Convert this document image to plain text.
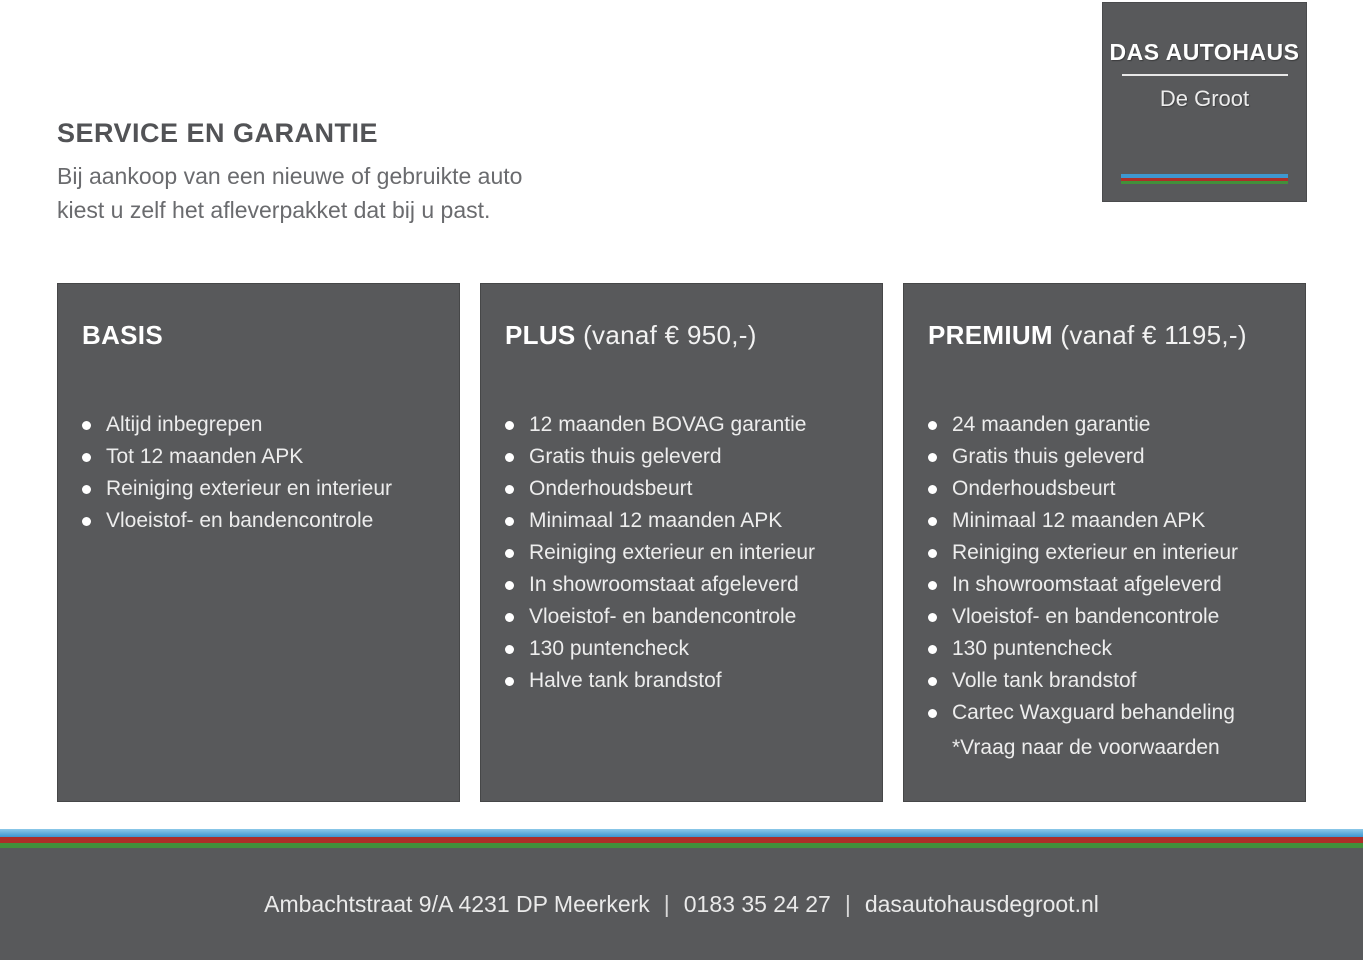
SERVICE EN GARANTIE
Bij aankoop van een nieuwe of gebruikte auto
kiest u zelf het afleverpakket dat bij u past.
DAS AUTOHAUS
De Groot
BASIS
Altijd inbegrepen
Tot 12 maanden APK
Reiniging exterieur en interieur
Vloeistof- en bandencontrole
PLUS (vanaf € 950,-)
12 maanden BOVAG garantie
Gratis thuis geleverd
Onderhoudsbeurt
Minimaal 12 maanden APK
Reiniging exterieur en interieur
In showroomstaat afgeleverd
Vloeistof- en bandencontrole
130 puntencheck
Halve tank brandstof
PREMIUM (vanaf € 1195,-)
24 maanden garantie
Gratis thuis geleverd
Onderhoudsbeurt
Minimaal 12 maanden APK
Reiniging exterieur en interieur
In showroomstaat afgeleverd
Vloeistof- en bandencontrole
130 puntencheck
Volle tank brandstof
Cartec Waxguard behandeling
*Vraag naar de voorwaarden
Ambachtstraat 9/A 4231 DP Meerkerk | 0183 35 24 27 | dasautohausdegroot.nl
